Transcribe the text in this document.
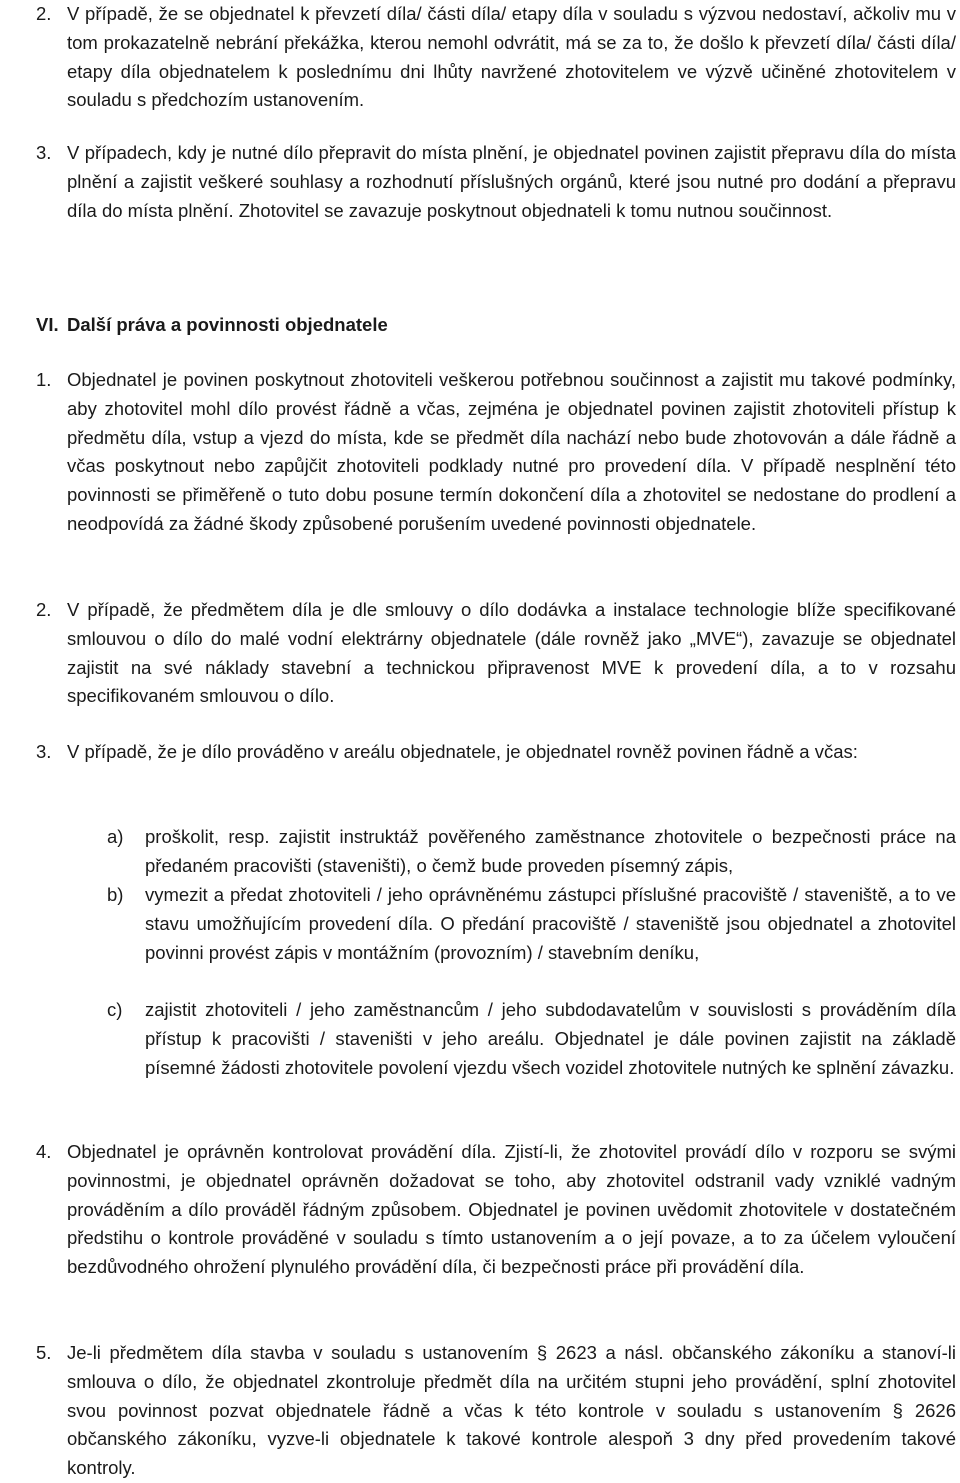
2. V případě, že se objednatel k převzetí díla/ části díla/ etapy díla v souladu s výzvou nedostaví, ačkoliv mu v tom prokazatelně nebrání překážka, kterou nemohl odvrátit, má se za to, že došlo k převzetí díla/ části díla/ etapy díla objednatelem k poslednímu dni lhůty navržené zhotovitelem ve výzvě učiněné zhotovitelem v souladu s předchozím ustanovením.
3. V případech, kdy je nutné dílo přepravit do místa plnění, je objednatel povinen zajistit přepravu díla do místa plnění a zajistit veškeré souhlasy a rozhodnutí příslušných orgánů, které jsou nutné pro dodání a přepravu díla do místa plnění. Zhotovitel se zavazuje poskytnout objednateli k tomu nutnou součinnost.
VI. Další práva a povinnosti objednatele
1. Objednatel je povinen poskytnout zhotoviteli veškerou potřebnou součinnost a zajistit mu takové podmínky, aby zhotovitel mohl dílo provést řádně a včas, zejména je objednatel povinen zajistit zhotoviteli přístup k předmětu díla, vstup a vjezd do místa, kde se předmět díla nachází nebo bude zhotovován a dále řádně a včas poskytnout nebo zapůjčit zhotoviteli podklady nutné pro provedení díla. V případě nesplnění této povinnosti se přiměřeně o tuto dobu posune termín dokončení díla a zhotovitel se nedostane do prodlení a neodpovídá za žádné škody způsobené porušením uvedené povinnosti objednatele.
2. V případě, že předmětem díla je dle smlouvy o dílo dodávka a instalace technologie blíže specifikované smlouvou o dílo do malé vodní elektrárny objednatele (dále rovněž jako „MVE“), zavazuje se objednatel zajistit na své náklady stavební a technickou připravenost MVE k provedení díla, a to v rozsahu specifikovaném smlouvou o dílo.
3. V případě, že je dílo prováděno v areálu objednatele, je objednatel rovněž povinen řádně a včas:
a) proškolit, resp. zajistit instruktáž pověřeného zaměstnance zhotovitele o bezpečnosti práce na předaném pracovišti (staveništi), o čemž bude proveden písemný zápis,
b) vymezit a předat zhotoviteli / jeho oprávněnému zástupci příslušné pracoviště / staveniště, a to ve stavu umožňujícím provedení díla. O předání pracoviště / staveniště jsou objednatel a zhotovitel povinni provést zápis v montážním (provozním) / stavebním deníku,
c) zajistit zhotoviteli / jeho zaměstnancům / jeho subdodavatelům v souvislosti s prováděním díla přístup k pracovišti / staveništi v jeho areálu. Objednatel je dále povinen zajistit na základě písemné žádosti zhotovitele povolení vjezdu všech vozidel zhotovitele nutných ke splnění závazku.
4. Objednatel je oprávněn kontrolovat provádění díla. Zjistí-li, že zhotovitel provádí dílo v rozporu se svými povinnostmi, je objednatel oprávněn dožadovat se toho, aby zhotovitel odstranil vady vzniklé vadným prováděním a dílo prováděl řádným způsobem. Objednatel je povinen uvědomit zhotovitele v dostatečném předstihu o kontrole prováděné v souladu s tímto ustanovením a o její povaze, a to za účelem vyloučení bezdůvodného ohrožení plynulého provádění díla, či bezpečnosti práce při provádění díla.
5. Je-li předmětem díla stavba v souladu s ustanovením § 2623 a násl. občanského zákoníku a stanoví-li smlouva o dílo, že objednatel zkontroluje předmět díla na určitém stupni jeho provádění, splní zhotovitel svou povinnost pozvat objednatele řádně a včas k této kontrole v souladu s ustanovením § 2626 občanského zákoníku, vyzve-li objednatele k takové kontrole alespoň 3 dny před provedením takové kontroly.
